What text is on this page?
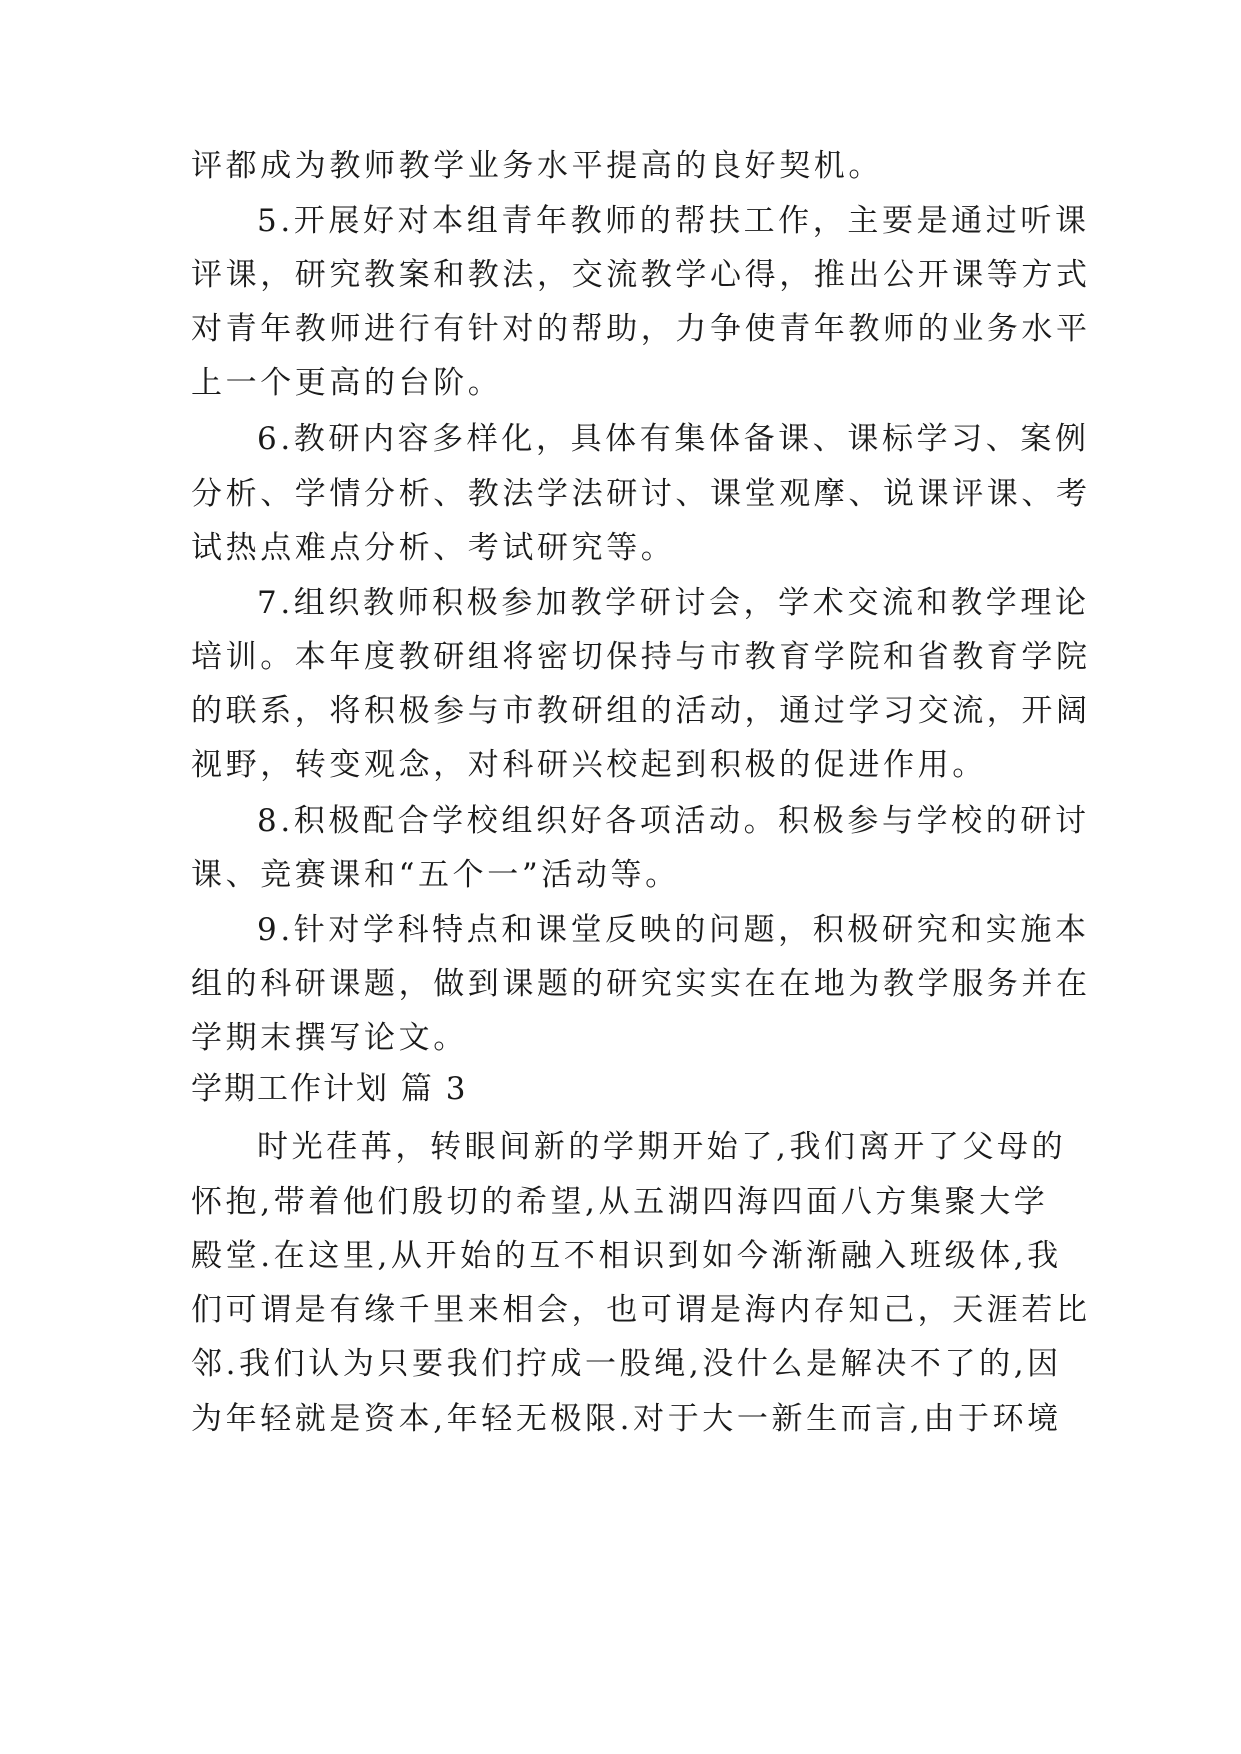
评都成为教师教学业务水平提高的良好契机。
5.开展好对本组青年教师的帮扶工作，主要是通过听课
评课，研究教案和教法，交流教学心得，推出公开课等方式
对青年教师进行有针对的帮助，力争使青年教师的业务水平
上一个更高的台阶。
6.教研内容多样化，具体有集体备课、课标学习、案例
分析、学情分析、教法学法研讨、课堂观摩、说课评课、考
试热点难点分析、考试研究等。
7.组织教师积极参加教学研讨会，学术交流和教学理论
培训。本年度教研组将密切保持与市教育学院和省教育学院
的联系，将积极参与市教研组的活动，通过学习交流，开阔
视野，转变观念，对科研兴校起到积极的促进作用。
8.积极配合学校组织好各项活动。积极参与学校的研讨
课、竞赛课和“五个一”活动等。
9.针对学科特点和课堂反映的问题，积极研究和实施本
组的科研课题，做到课题的研究实实在在地为教学服务并在
学期末撰写论文。
学期工作计划 篇 3
时光荏苒，转眼间新的学期开始了,我们离开了父母的
怀抱,带着他们殷切的希望,从五湖四海四面八方集聚大学
殿堂.在这里,从开始的互不相识到如今渐渐融入班级体,我
们可谓是有缘千里来相会，也可谓是海内存知己，天涯若比
邻.我们认为只要我们拧成一股绳,没什么是解决不了的,因
为年轻就是资本,年轻无极限.对于大一新生而言,由于环境
